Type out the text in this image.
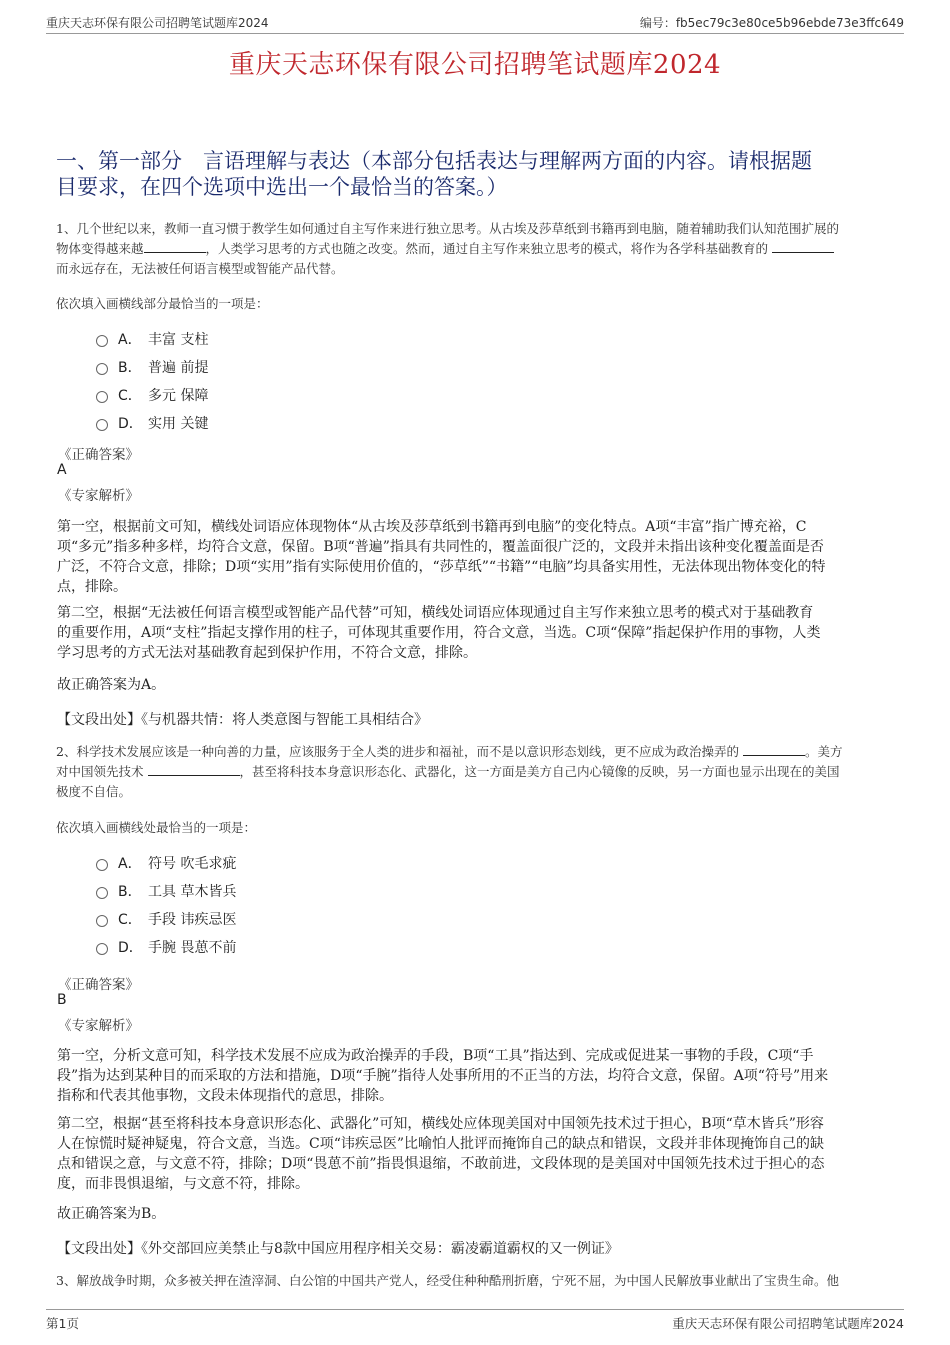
重庆天志环保有限公司招聘笔试题库2024	编号：fb5ec79c3e80ce5b96ebde73e3ffc649
重庆天志环保有限公司招聘笔试题库2024
一、第一部分　言语理解与表达（本部分包括表达与理解两方面的内容。请根据题
目要求，在四个选项中选出一个最恰当的答案。）
1、几个世纪以来，教师一直习惯于教学生如何通过自主写作来进行独立思考。从古埃及莎草纸到书籍再到电脑，随着辅助我们认知范围扩展的
物体变得越来越	，人类学习思考的方式也随之改变。然而，通过自主写作来独立思考的模式，将作为各学科基础教育的
而永远存在，无法被任何语言模型或智能产品代替。
依次填入画横线部分最恰当的一项是：
A． 丰富 支柱
B． 普遍 前提
C． 多元 保障
D． 实用 关键
《正确答案》
A
《专家解析》
第一空，根据前文可知，横线处词语应体现物体“从古埃及莎草纸到书籍再到电脑”的变化特点。A项“丰富”指广博充裕，C
项“多元”指多种多样，均符合文意，保留。B项“普遍”指具有共同性的，覆盖面很广泛的，文段并未指出该种变化覆盖面是否
广泛，不符合文意，排除；D项“实用”指有实际使用价值的，“莎草纸”“书籍”“电脑”均具备实用性，无法体现出物体变化的特
点，排除。
第二空，根据“无法被任何语言模型或智能产品代替”可知，横线处词语应体现通过自主写作来独立思考的模式对于基础教育
的重要作用，A项“支柱”指起支撑作用的柱子，可体现其重要作用，符合文意，当选。C项“保障”指起保护作用的事物，人类
学习思考的方式无法对基础教育起到保护作用，不符合文意，排除。
故正确答案为A。
【文段出处】《与机器共情：将人类意图与智能工具相结合》
2、科学技术发展应该是一种向善的力量，应该服务于全人类的进步和福祉，而不是以意识形态划线，更不应成为政治操弄的	。美方
对中国领先技术	，甚至将科技本身意识形态化、武器化，这一方面是美方自己内心镜像的反映，另一方面也显示出现在的美国
极度不自信。
依次填入画横线处最恰当的一项是：
A． 符号 吹毛求疵
B． 工具 草木皆兵
C． 手段 讳疾忌医
D． 手腕 畏葸不前
《正确答案》
B
《专家解析》
第一空，分析文意可知，科学技术发展不应成为政治操弄的手段，B项“工具”指达到、完成或促进某一事物的手段，C项“手
段”指为达到某种目的而采取的方法和措施，D项“手腕”指待人处事所用的不正当的方法，均符合文意，保留。A项“符号”用来
指称和代表其他事物，文段未体现指代的意思，排除。
第二空，根据“甚至将科技本身意识形态化、武器化”可知，横线处应体现美国对中国领先技术过于担心，B项“草木皆兵”形容
人在惊慌时疑神疑鬼，符合文意，当选。C项“讳疾忌医”比喻怕人批评而掩饰自己的缺点和错误，文段并非体现掩饰自己的缺
点和错误之意，与文意不符，排除；D项“畏葸不前”指畏惧退缩，不敢前进，文段体现的是美国对中国领先技术过于担心的态
度，而非畏惧退缩，与文意不符，排除。
故正确答案为B。
【文段出处】《外交部回应美禁止与8款中国应用程序相关交易：霸凌霸道霸权的又一例证》
3、解放战争时期，众多被关押在渣滓洞、白公馆的中国共产党人，经受住种种酷刑折磨，宁死不屈，为中国人民解放事业献出了宝贵生命。他
第1页	重庆天志环保有限公司招聘笔试题库2024
